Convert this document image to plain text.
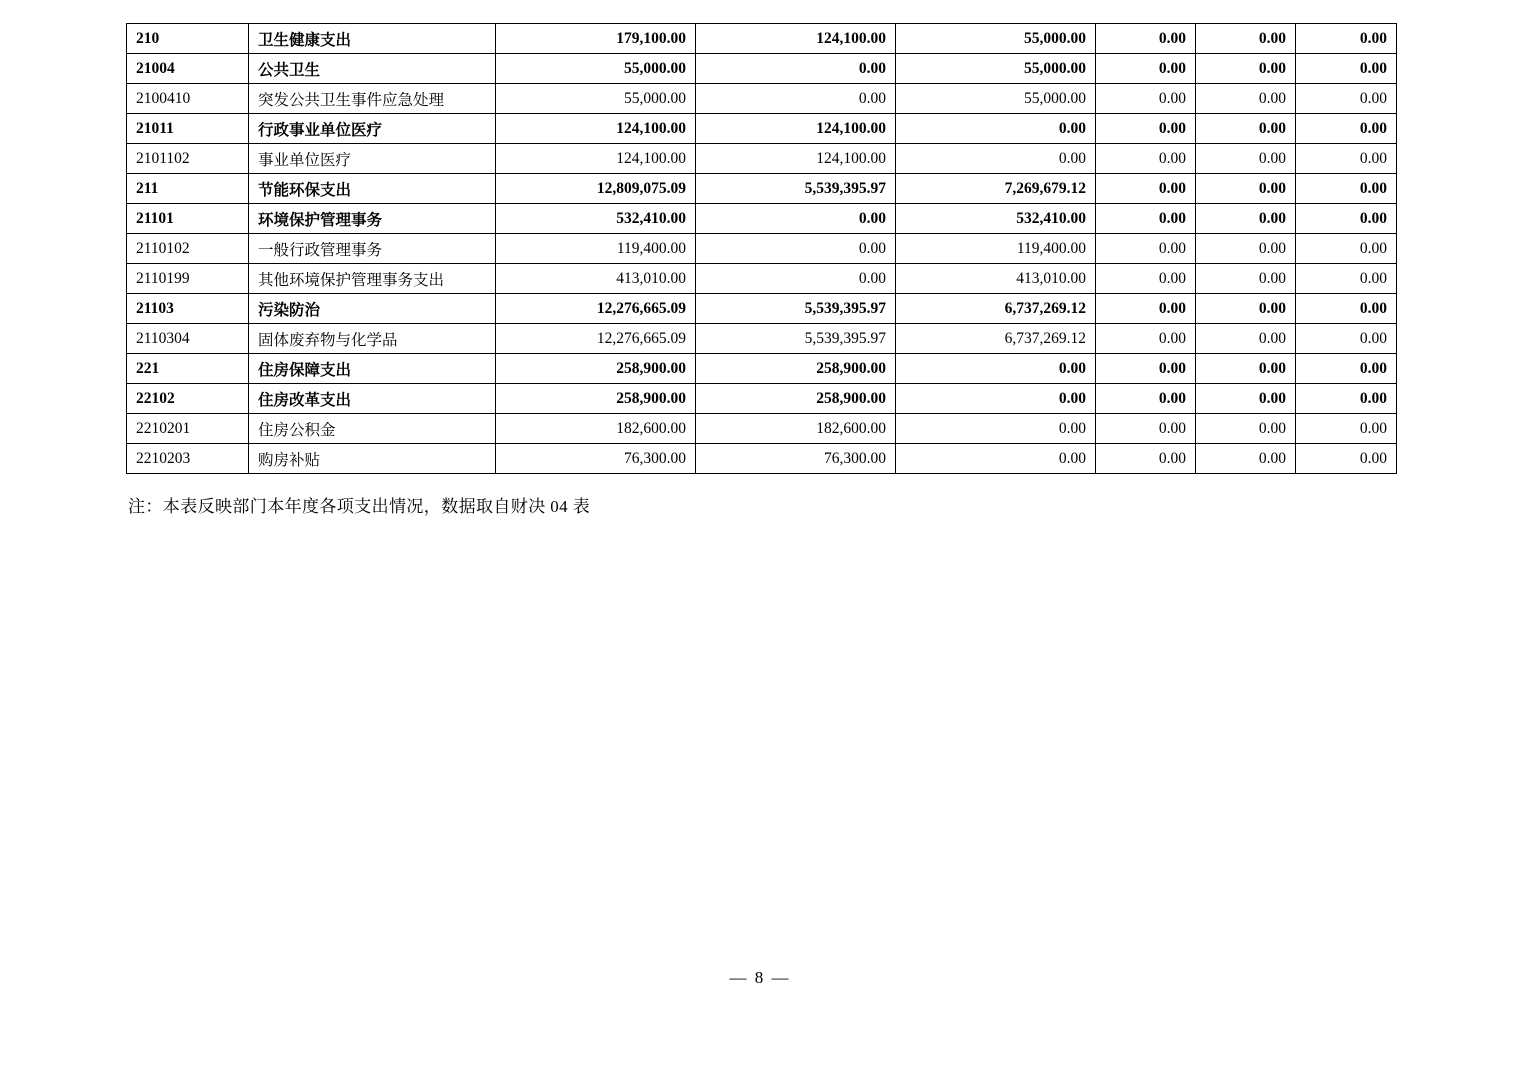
210	卫生健康支出	179,100.00	124,100.00	55,000.00	0.00	0.00	0.00
21004	公共卫生	55,000.00	0.00	55,000.00	0.00	0.00	0.00
2100410	突发公共卫生事件应急处理	55,000.00	0.00	55,000.00	0.00	0.00	0.00
21011	行政事业单位医疗	124,100.00	124,100.00	0.00	0.00	0.00	0.00
2101102	事业单位医疗	124,100.00	124,100.00	0.00	0.00	0.00	0.00
211	节能环保支出	12,809,075.09	5,539,395.97	7,269,679.12	0.00	0.00	0.00
21101	环境保护管理事务	532,410.00	0.00	532,410.00	0.00	0.00	0.00
2110102	一般行政管理事务	119,400.00	0.00	119,400.00	0.00	0.00	0.00
2110199	其他环境保护管理事务支出	413,010.00	0.00	413,010.00	0.00	0.00	0.00
21103	污染防治	12,276,665.09	5,539,395.97	6,737,269.12	0.00	0.00	0.00
2110304	固体废弃物与化学品	12,276,665.09	5,539,395.97	6,737,269.12	0.00	0.00	0.00
221	住房保障支出	258,900.00	258,900.00	0.00	0.00	0.00	0.00
22102	住房改革支出	258,900.00	258,900.00	0.00	0.00	0.00	0.00
2210201	住房公积金	182,600.00	182,600.00	0.00	0.00	0.00	0.00
2210203	购房补贴	76,300.00	76,300.00	0.00	0.00	0.00	0.00
注：本表反映部门本年度各项支出情况，数据取自财决 04 表
— 8 —
